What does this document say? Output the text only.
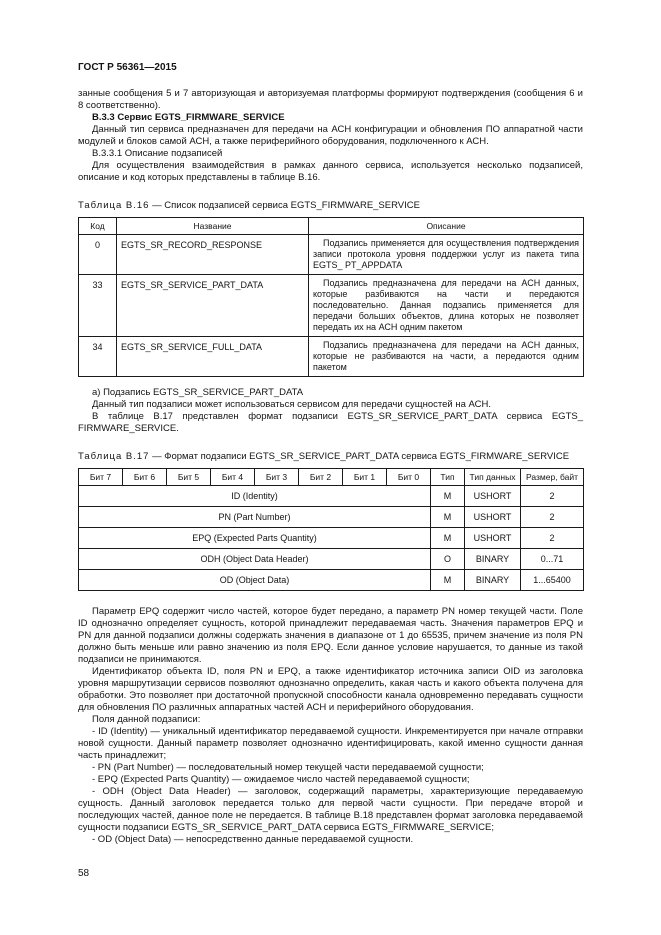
ГОСТ Р 56361—2015

занные сообщения 5 и 7 авторизующая и авторизуемая платформы формируют подтверждения (сообщения 6 и 8 соответственно).

В.3.3 Сервис EGTS_FIRMWARE_SERVICE

Данный тип сервиса предназначен для передачи на АСН конфигурации и обновления ПО аппаратной части модулей и блоков самой АСН, а также периферийного оборудования, подключенного к АСН.

В.3.3.1 Описание подзаписей

Для осуществления взаимодействия в рамках данного сервиса, используется несколько подзаписей, описание и код которых представлены в таблице В.16.

Таблица В.16 — Список подзаписей сервиса EGTS_FIRMWARE_SERVICE
Код	Название	Описание
0	EGTS_SR_RECORD_RESPONSE	Подзапись применяется для осуществления подтверждения записи протокола уровня поддержки услуг из пакета типа EGTS_ PT_APPDATA
33	EGTS_SR_SERVICE_PART_DATA	Подзапись предназначена для передачи на АСН данных, которые разбиваются на части и передаются последовательно. Данная подзапись применяется для передачи больших объектов, длина которых не позволяет передать их на АСН одним пакетом
34	EGTS_SR_SERVICE_FULL_DATA	Подзапись предназначена для передачи на АСН данных, которые не разбиваются на части, а передаются одним пакетом

а) Подзапись EGTS_SR_SERVICE_PART_DATA

Данный тип подзаписи может использоваться сервисом для передачи сущностей на АСН.

В таблице В.17 представлен формат подзаписи EGTS_SR_SERVICE_PART_DATA сервиса EGTS_ FIRMWARE_SERVICE.

Таблица В.17 — Формат подзаписи EGTS_SR_SERVICE_PART_DATA сервиса EGTS_FIRMWARE_SERVICE
Бит 7	Бит 6	Бит 5	Бит 4	Бит 3	Бит 2	Бит 1	Бит 0	Тип	Тип данных	Размер, байт
ID (Identity)								M	USHORT	2
PN (Part Number)								M	USHORT	2
EPQ (Expected Parts Quantity)								M	USHORT	2
ODH (Object Data Header)								O	BINARY	0...71
OD (Object Data)								M	BINARY	1...65400

Параметр EPQ содержит число частей, которое будет передано, а параметр PN номер текущей части. Поле ID однозначно определяет сущность, которой принадлежит передаваемая часть. Значения параметров EPQ и PN для данной подзаписи должны содержать значения в диапазоне от 1 до 65535, причем значение из поля PN должно быть меньше или равно значению из поля EPQ. Если данное условие нарушается, то данные из такой подзаписи не принимаются.

Идентификатор объекта ID, поля PN и EPQ, а также идентификатор источника записи OID из заголовка уровня маршрутизации сервисов позволяют однозначно определить, какая часть и какого объекта получена для обработки. Это позволяет при достаточной пропускной способности канала одновременно передавать сущности для обновления ПО различных аппаратных частей АСН и периферийного оборудования.

Поля данной подзаписи:

- ID (Identity) — уникальный идентификатор передаваемой сущности. Инкрементируется при начале отправки новой сущности. Данный параметр позволяет однозначно идентифицировать, какой именно сущности данная часть принадлежит;

- PN (Part Number) — последовательный номер текущей части передаваемой сущности;

- EPQ (Expected Parts Quantity) — ожидаемое число частей передаваемой сущности;

- ODH (Object Data Header) — заголовок, содержащий параметры, характеризующие передаваемую сущность. Данный заголовок передается только для первой части сущности. При передаче второй и последующих частей, данное поле не передается. В таблице В.18 представлен формат заголовка передаваемой сущности подзаписи EGTS_SR_SERVICE_PART_DATA сервиса EGTS_FIRMWARE_SERVICE;

- OD (Object Data) — непосредственно данные передаваемой сущности.

58
